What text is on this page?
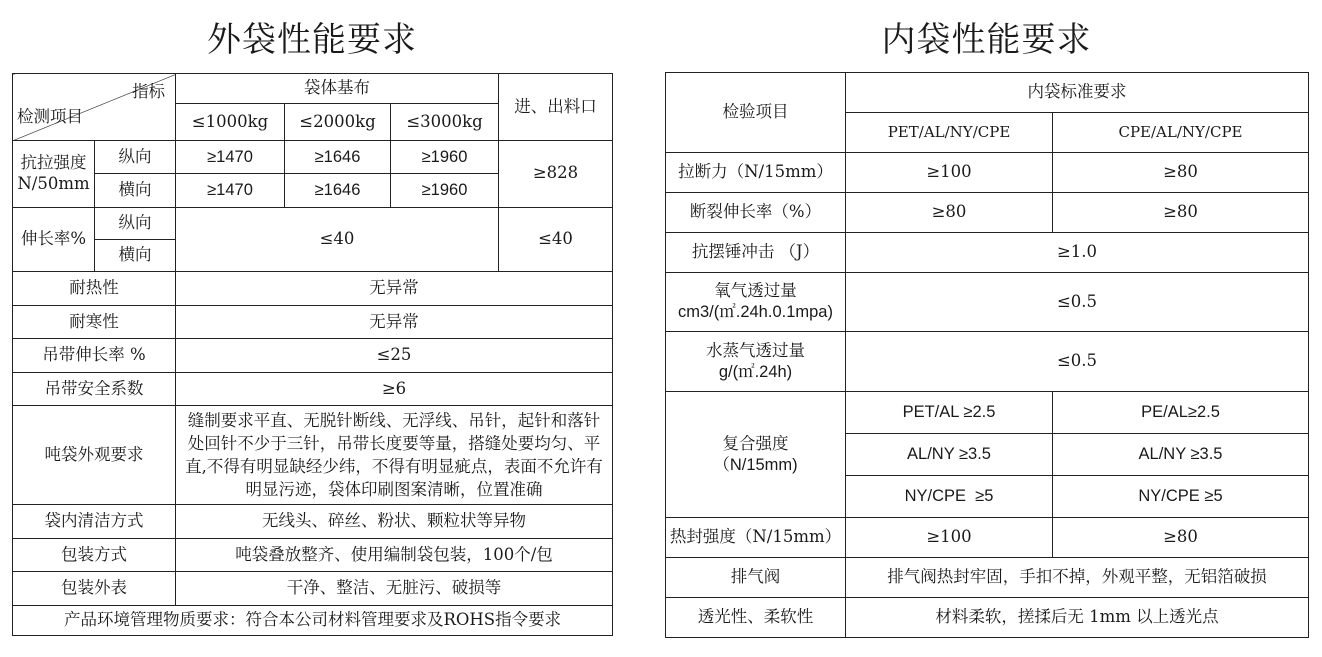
外袋性能要求
指标
检测项目		袋体基布			进、出料口
		≤1000kg	≤2000kg	≤3000kg	
抗拉强度N/50mm	纵向	≥1470	≥1646	≥1960	≥828
	横向	≥1470	≥1646	≥1960	
伸长率%	纵向	≤40			≤40
	横向				
耐热性		无异常			
耐寒性		无异常			
吊带伸长率 %		≤25			
吊带安全系数		≥6			
吨袋外观要求		缝制要求平直、无脱针断线、无浮线、吊针，起针和落针处回针不少于三针，吊带长度要等量，搭缝处要均匀、平直,不得有明显缺经少纬，不得有明显疵点，表面不允许有明显污迹，袋体印刷图案清晰，位置准确			
袋内清洁方式		无线头、碎丝、粉状、颗粒状等异物			
包装方式		吨袋叠放整齐、使用编制袋包装，100个/包			
包装外表		干净、整洁、无脏污、破损等			
产品环境管理物质要求：符合本公司材料管理要求及ROHS指令要求					
内袋性能要求
检验项目	内袋标准要求	
	PET/AL/NY/CPE	CPE/AL/NY/CPE
拉断力（N/15mm）	≥100	≥80
断裂伸长率（%）	≥80	≥80
抗摆锤冲击 （J）	≥1.0	

氧气透过量
cm3/(㎡.24h.0.1mpa)	≤0.5	

水蒸气透过量
g/(㎡.24h)	≤0.5	

复合强度
（N/15mm)	PET/AL ≥2.5	PE/AL≥2.5
	AL/NY ≥3.5	AL/NY ≥3.5
	NY/CPE  ≥5	NY/CPE ≥5
热封强度（N/15mm）	≥100	≥80
排气阀	排气阀热封牢固，手扣不掉，外观平整，无铝箔破损	
透光性、柔软性	材料柔软，搓揉后无 1mm 以上透光点	
